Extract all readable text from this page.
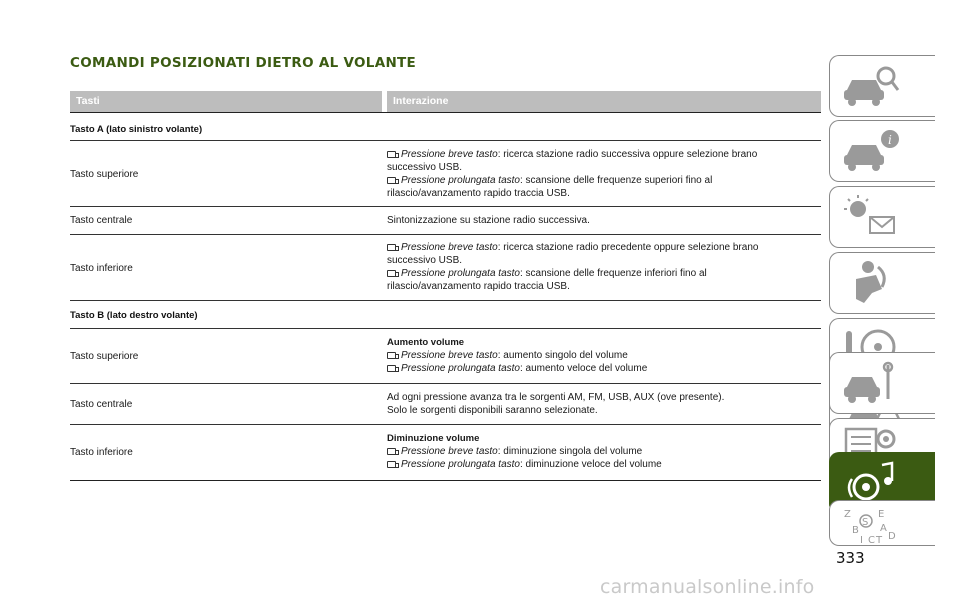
COMANDI POSIZIONATI DIETRO AL VOLANTE
Tasti	Interazione
Tasto A (lato sinistro volante)
Tasto superiore
Pressione breve tasto: ricerca stazione radio successiva oppure selezione brano
successivo USB.
Pressione prolungata tasto: scansione delle frequenze superiori fino al
rilascio/avanzamento rapido traccia USB.
Tasto centrale	Sintonizzazione su stazione radio successiva.
Tasto inferiore
Pressione breve tasto: ricerca stazione radio precedente oppure selezione brano
successivo USB.
Pressione prolungata tasto: scansione delle frequenze inferiori fino al
rilascio/avanzamento rapido traccia USB.
Tasto B (lato destro volante)
Tasto superiore
Aumento volume
Pressione breve tasto: aumento singolo del volume
Pressione prolungata tasto: aumento veloce del volume
Tasto centrale
Ad ogni pressione avanza tra le sorgenti AM, FM, USB, AUX (ove presente).
Solo le sorgenti disponibili saranno selezionate.
Tasto inferiore
Diminuzione volume
Pressione breve tasto: diminuzione singola del volume
Pressione prolungata tasto: diminuzione veloce del volume
i
Z
S
E
B A
I C T D
333
carmanualsonline.info
